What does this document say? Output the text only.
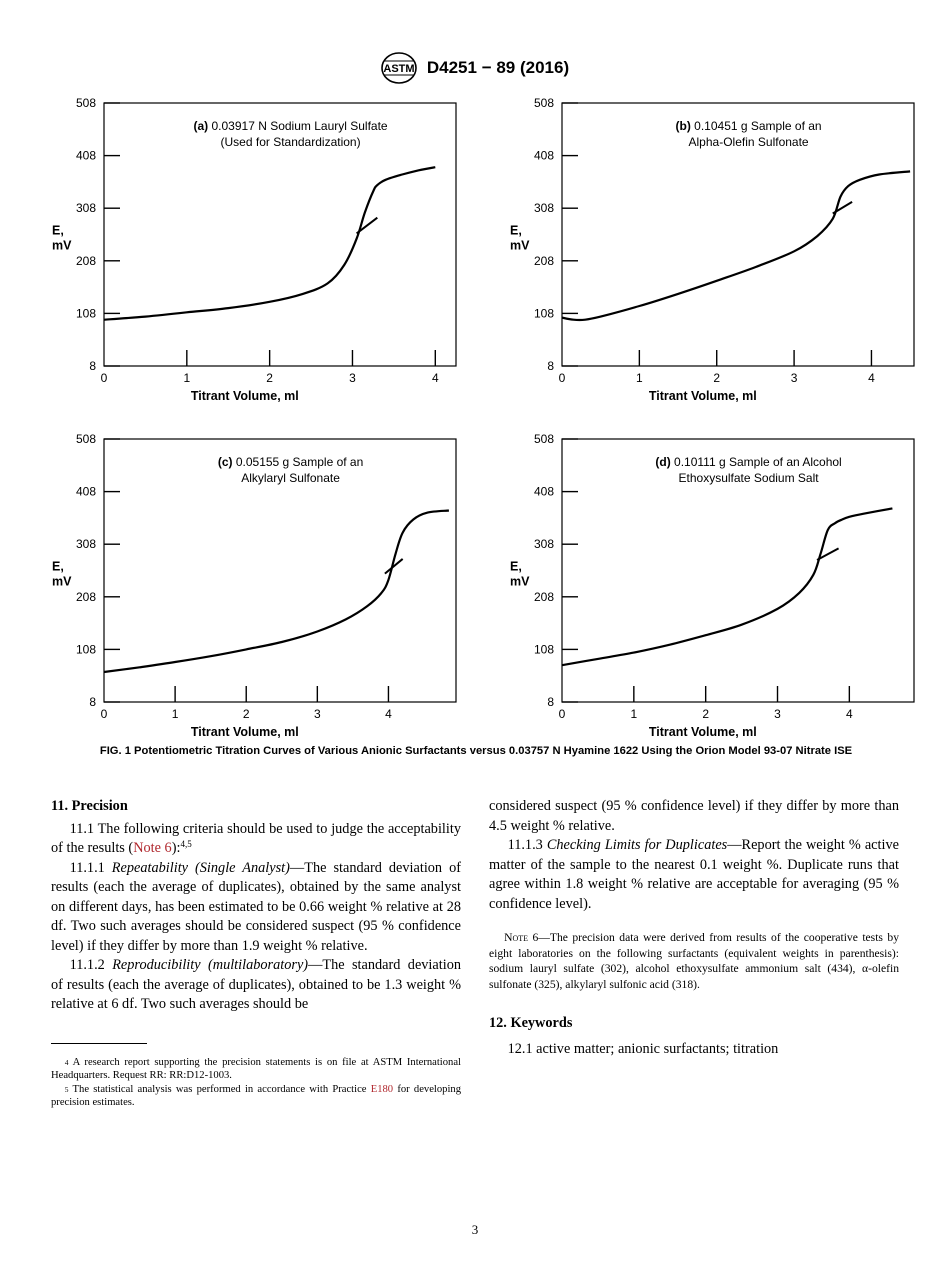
ASTM D4251 − 89 (2016)
8
108
208
308
408
508
0	1	2	3	4
Titrant Volume, ml
E,
mV
(a) 0.03917 N Sodium Lauryl Sulfate
(Used for Standardization)
8
108
208
308
408
508
0	1	2	3	4
Titrant Volume, ml
E,
mV
(b) 0.10451 g Sample of an
Alpha-Olefin Sulfonate
8
108
208
308
408
508
0	1	2	3	4
Titrant Volume, ml
E,
mV
(c) 0.05155 g Sample of an
Alkylaryl Sulfonate
8
108
208
308
408
508
0	1	2	3	4
Titrant Volume, ml
E,
mV
(d) 0.10111 g Sample of an Alcohol
Ethoxysulfate Sodium Salt
FIG. 1 Potentiometric Titration Curves of Various Anionic Surfactants versus 0.03757 N Hyamine 1622 Using the Orion Model 93-07 Nitrate ISE

11. Precision

11.1 The following criteria should be used to judge the acceptability of the results (Note 6):$^{4,5}$

11.1.1 Repeatability (Single Analyst)—The standard deviation of results (each the average of duplicates), obtained by the same analyst on different days, has been estimated to be 0.66 weight % relative at 28 df. Two such averages should be considered suspect (95 % confidence level) if they differ by more than 1.9 weight % relative.

11.1.2 Reproducibility (multilaboratory)—The standard deviation of results (each the average of duplicates), obtained to be 1.3 weight % relative at 6 df. Two such averages should be

$^4$ A research report supporting the precision statements is on file at ASTM International Headquarters. Request RR: RR:D12-1003.

$^5$ The statistical analysis was performed in accordance with Practice E180 for developing precision estimates.

considered suspect (95 % confidence level) if they differ by more than 4.5 weight % relative.

11.1.3 Checking Limits for Duplicates—Report the weight % active matter of the sample to the nearest 0.1 weight %. Duplicate runs that agree within 1.8 weight % relative are acceptable for averaging (95 % confidence level).

Note 6—The precision data were derived from results of the cooperative tests by eight laboratories on the following surfactants (equivalent weights in parenthesis): sodium lauryl sulfate (302), alcohol ethoxysulfate ammonium salt (434), α-olefin sulfonate (325), alkylaryl sulfonic acid (318).

12. Keywords

12.1 active matter; anionic surfactants; titration

3
